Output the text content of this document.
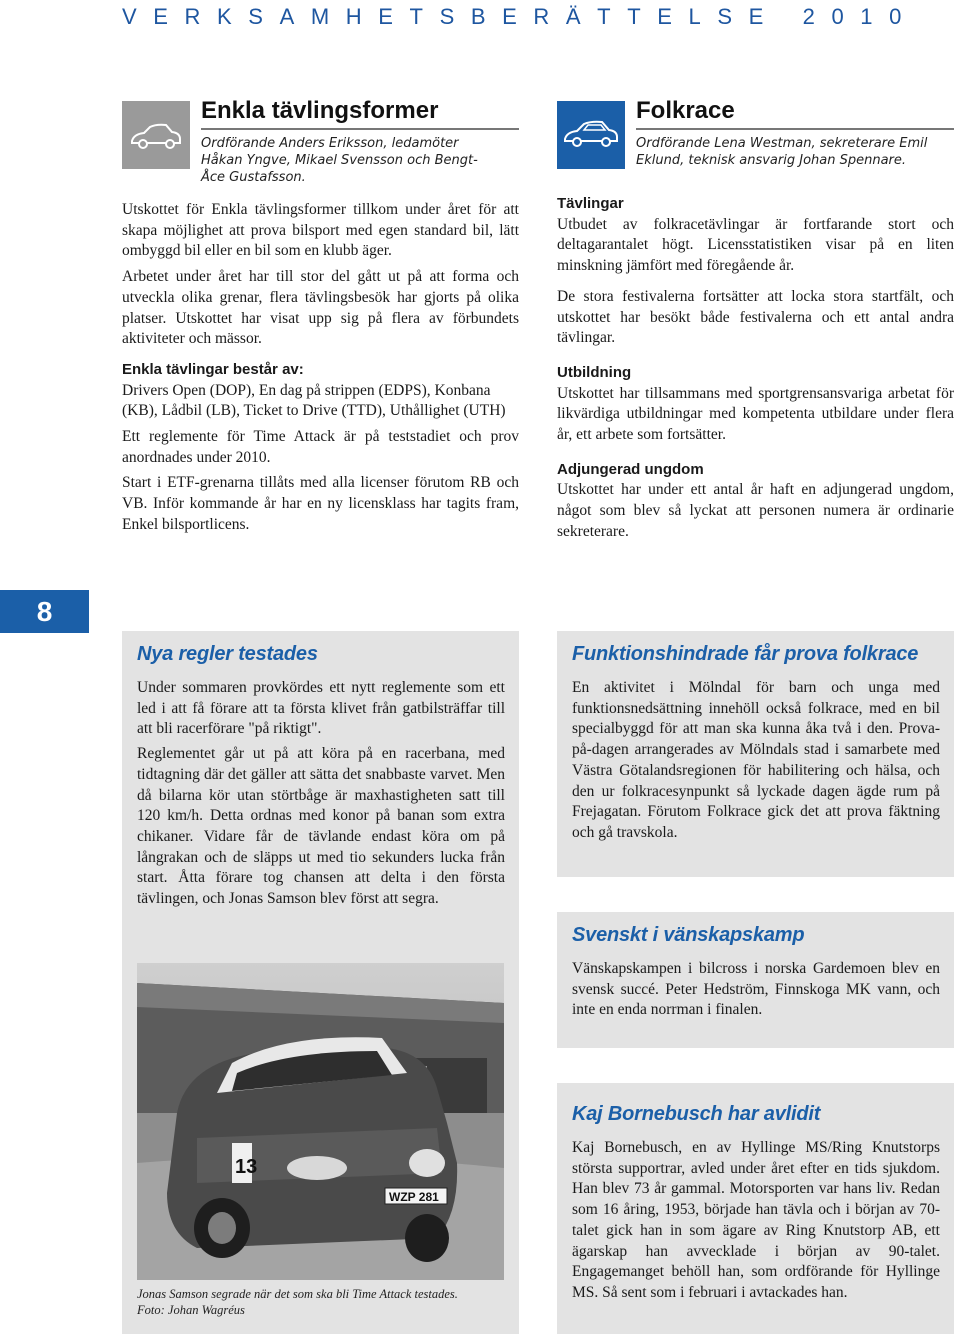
VERKSAMHETSBERÄTTELSE 2010
Enkla tävlingsformer
Ordförande Anders Eriksson, ledamöter Håkan Yngve, Mikael Svensson och Bengt-Åce Gustafsson.

Utskottet för Enkla tävlingsformer tillkom under året för att skapa möjlighet att prova bilsport med egen standard bil, lätt ombyggd bil eller en bil som en klubb äger.

Arbetet under året har till stor del gått ut på att forma och utveckla olika grenar, flera tävlingsbesök har gjorts på olika platser. Utskottet har visat upp sig på flera av förbundets aktiviteter och mässor.

Enkla tävlingar består av:

Drivers Open (DOP), En dag på strippen (EDPS), Konbana (KB), Lådbil (LB), Ticket to Drive (TTD), Uthållighet (UTH)

Ett reglemente för Time Attack är på teststadiet och prov anordnades under 2010.

Start i ETF-grenarna tillåts med alla licenser förutom RB och VB. Inför kommande år har en ny licensklass har tagits fram, Enkel bilsportlicens.

Folkrace
Ordförande Lena Westman, sekreterare Emil Eklund, teknisk ansvarig Johan Spennare.
Tävlingar

Utbudet av folkracetävlingar är fortfarande stort och deltagarantalet högt. Licensstatistiken visar på en liten minskning jämfört med föregående år.

De stora festivalerna fortsätter att locka stora startfält, och utskottet har besökt både festivalerna och ett antal andra tävlingar.

Utbildning

Utskottet har tillsammans med sportgrensansvariga arbetat för likvärdiga utbildningar med kompetenta utbildare under flera år, ett arbete som fortsätter.

Adjungerad ungdom

Utskottet har under ett antal år haft en adjungerad ungdom, något som blev så lyckat att personen numera är ordinarie sekreterare.

8
Nya regler testades

Under sommaren provkördes ett nytt reglemente som ett led i att få förare att ta första klivet från gatbilsträffar till att bli racerförare "på riktigt".

Reglementet går ut på att köra på en racerbana, med tidtagning där det gäller att sätta det snabbaste varvet. Men då bilarna kör utan störtbåge är maxhastigheten satt till 120 km/h. Detta ordnas med konor på banan som extra chikaner. Vidare får de tävlande endast köra om på långrakan och de släpps ut med tio sekunders lucka från start. Åtta förare tog chansen att delta i den första tävlingen, och Jonas Samson blev först att segra.

13
WZP 281
Jonas Samson segrade när det som ska bli Time Attack testades.
Foto: Johan Wagréus
Funktionshindrade får prova folkrace

En aktivitet i Mölndal för barn och unga med funktionsnedsättning innehöll också folkrace, med en bil specialbyggd för att man ska kunna åka två i den. Prova-på-dagen arrangerades av Mölndals stad i samarbete med Västra Götalandsregionen för habilitering och hälsa, och den ur folkracesynpunkt så lyckade dagen ägde rum på Frejagatan. Förutom Folkrace gick det att prova fäktning och gå travskola.

Svenskt i vänskapskamp

Vänskapskampen i bilcross i norska Gardemoen blev en svensk succé. Peter Hedström, Finnskoga MK vann, och inte en enda norrman i finalen.

Kaj Bornebusch har avlidit

Kaj Bornebusch, en av Hyllinge MS/Ring Knutstorps största supportrar, avled under året efter en tids sjukdom. Han blev 73 år gammal. Motorsporten var hans liv. Redan som 16 åring, 1953, började han tävla och i början av 70-talet gick han in som ägare av Ring Knutstorp AB, ett ägarskap han avvecklade i början av 90-talet. Engagemanget behöll han, som ordförande för Hyllinge MS. Så sent som i februari i avtackades han.
